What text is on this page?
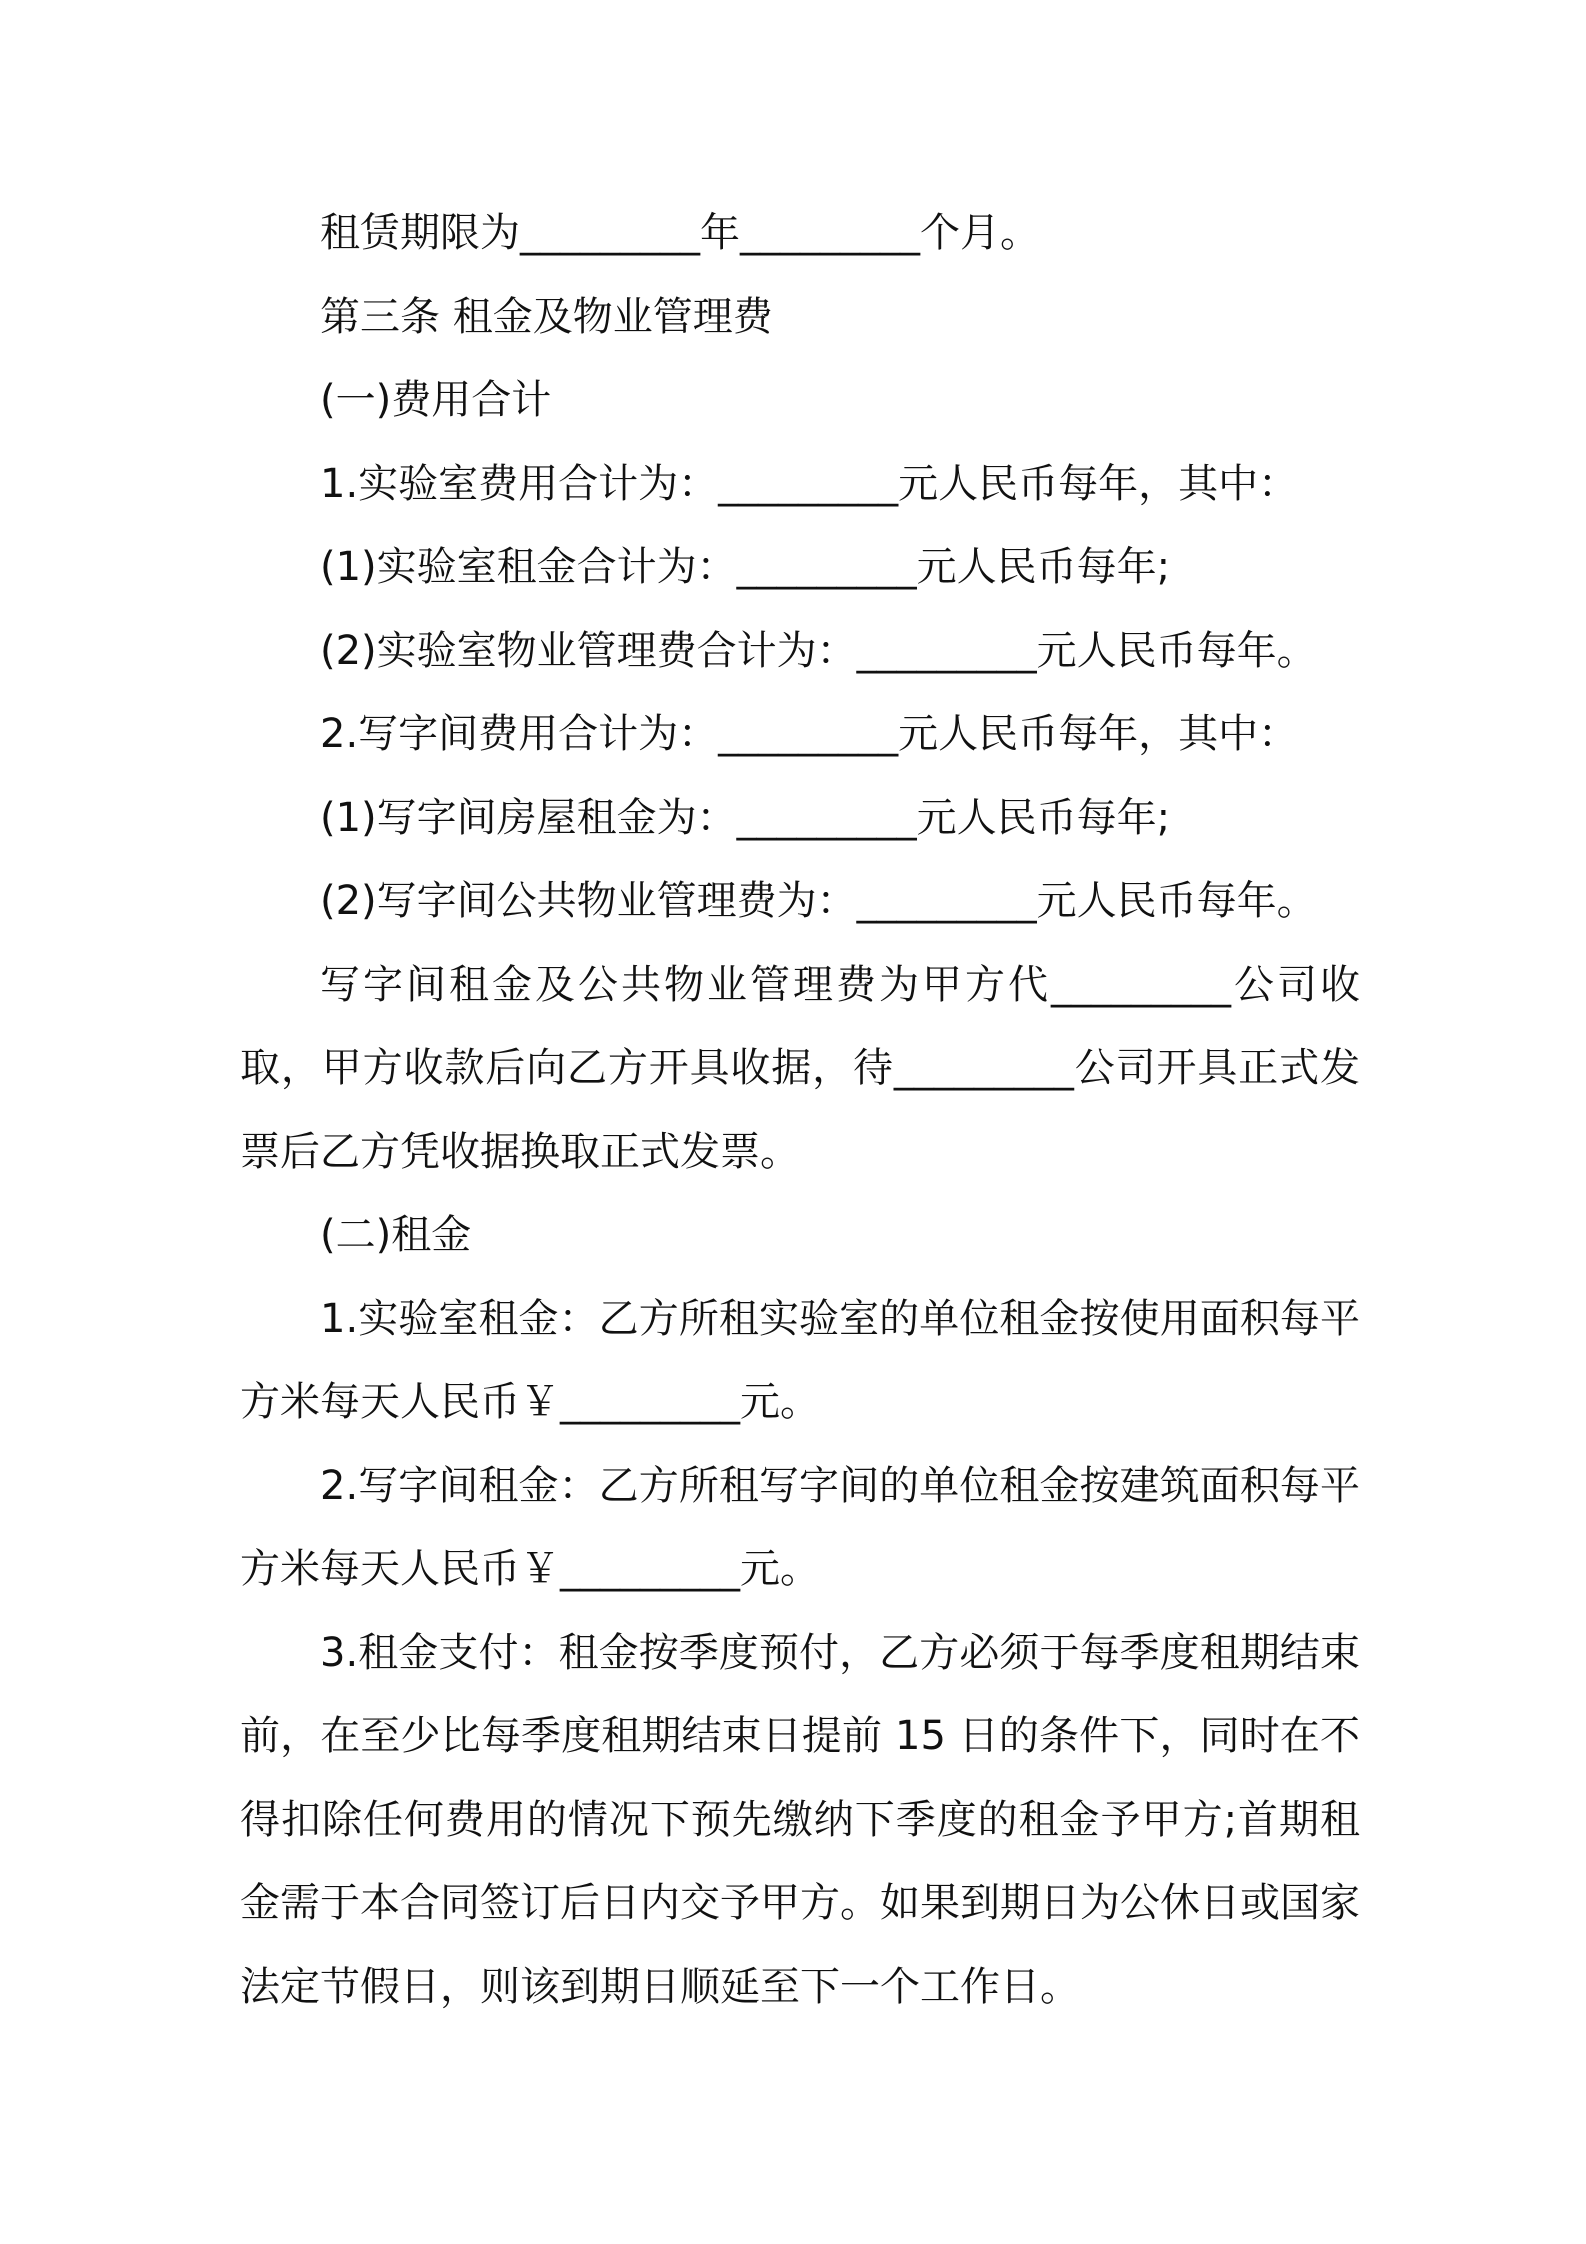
租赁期限为_________年_________个月。

第三条 租金及物业管理费

(一)费用合计

1.实验室费用合计为：_________元人民币每年，其中：

(1)实验室租金合计为：_________元人民币每年;

(2)实验室物业管理费合计为：_________元人民币每年。

2.写字间费用合计为：_________元人民币每年，其中：

(1)写字间房屋租金为：_________元人民币每年;

(2)写字间公共物业管理费为：_________元人民币每年。

写字间租金及公共物业管理费为甲方代_________公司收取，甲方收款后向乙方开具收据，待_________公司开具正式发票后乙方凭收据换取正式发票。

(二)租金

1.实验室租金：乙方所租实验室的单位租金按使用面积每平方米每天人民币￥_________元。

2.写字间租金：乙方所租写字间的单位租金按建筑面积每平方米每天人民币￥_________元。

3.租金支付：租金按季度预付，乙方必须于每季度租期结束前，在至少比每季度租期结束日提前 15 日的条件下，同时在不得扣除任何费用的情况下预先缴纳下季度的租金予甲方;首期租金需于本合同签订后日内交予甲方。如果到期日为公休日或国家法定节假日，则该到期日顺延至下一个工作日。
